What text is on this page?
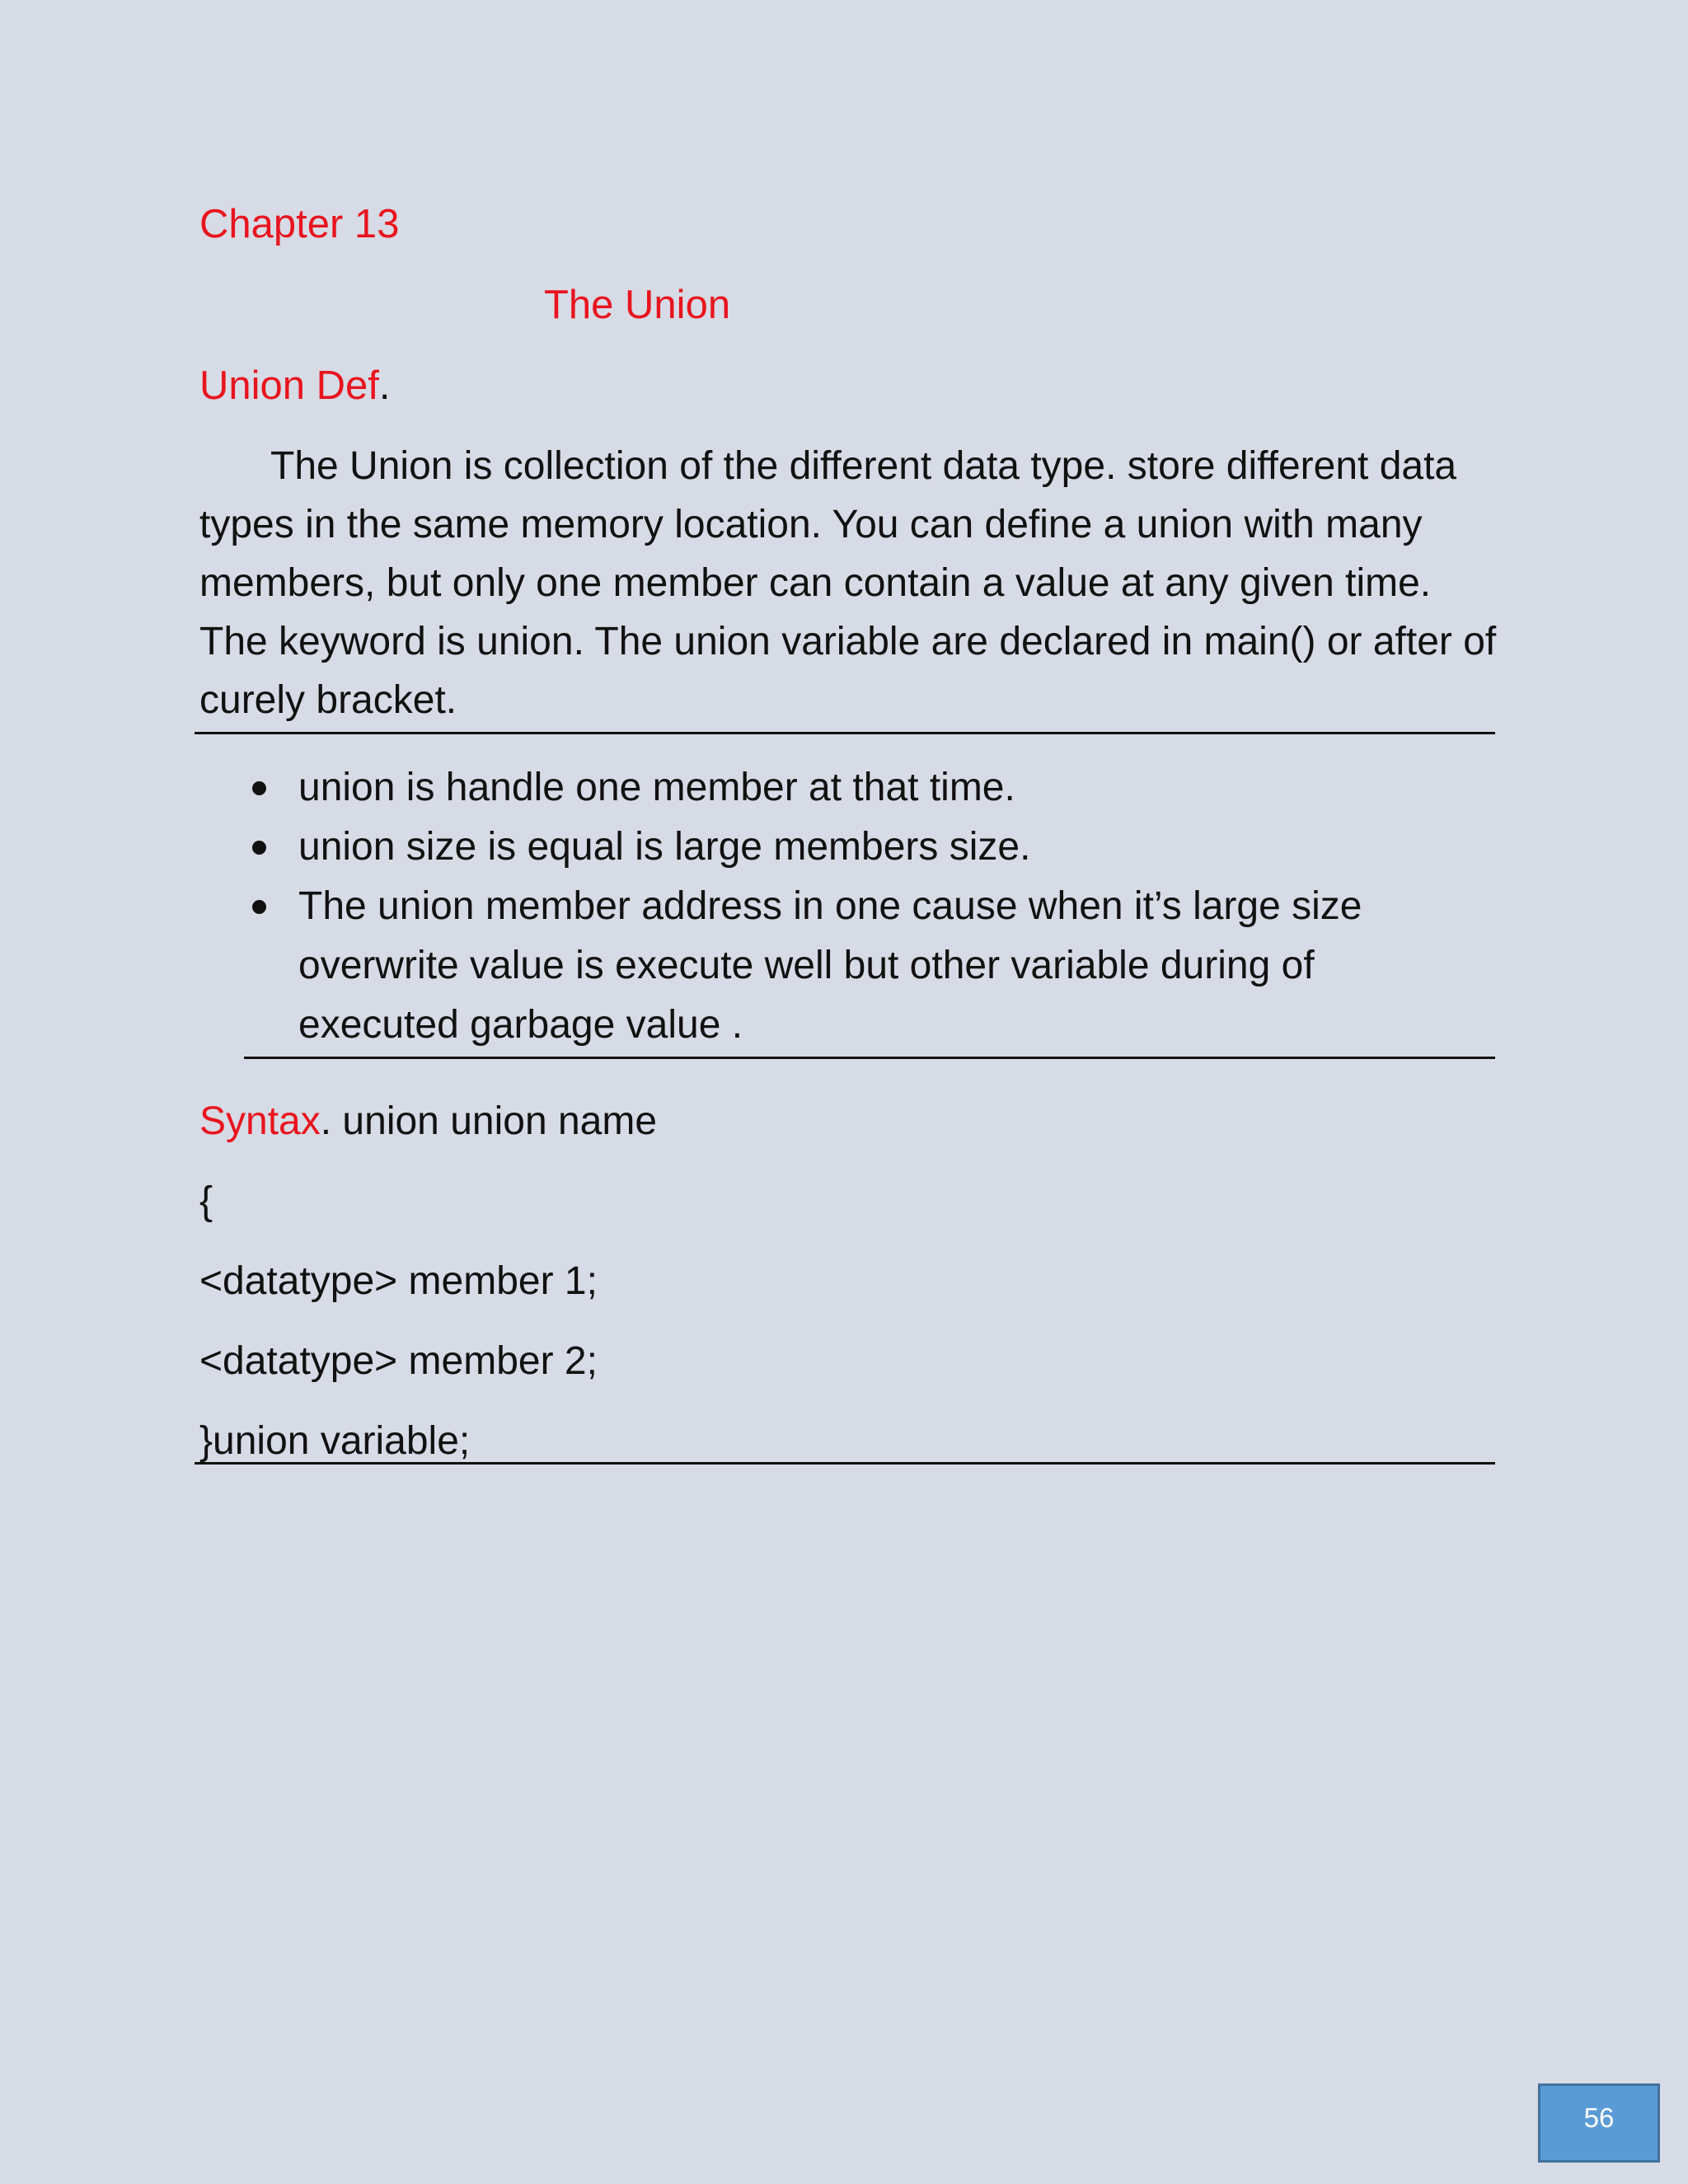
Chapter 13
The Union
Union Def.

The Union is collection of the different data type. store different data
types in the same memory location. You can define a union with many
members, but only one member can contain a value at any given time.
The keyword is union. The union variable are declared in main() or after of
curely bracket.

union is handle one member at that time.
union size is equal is large members size.
The union member address in one cause when it’s large size
overwrite value is execute well but other variable during of
executed garbage value .
Syntax. union union name
{
<datatype> member 1;
<datatype> member 2;
}union variable;
56
